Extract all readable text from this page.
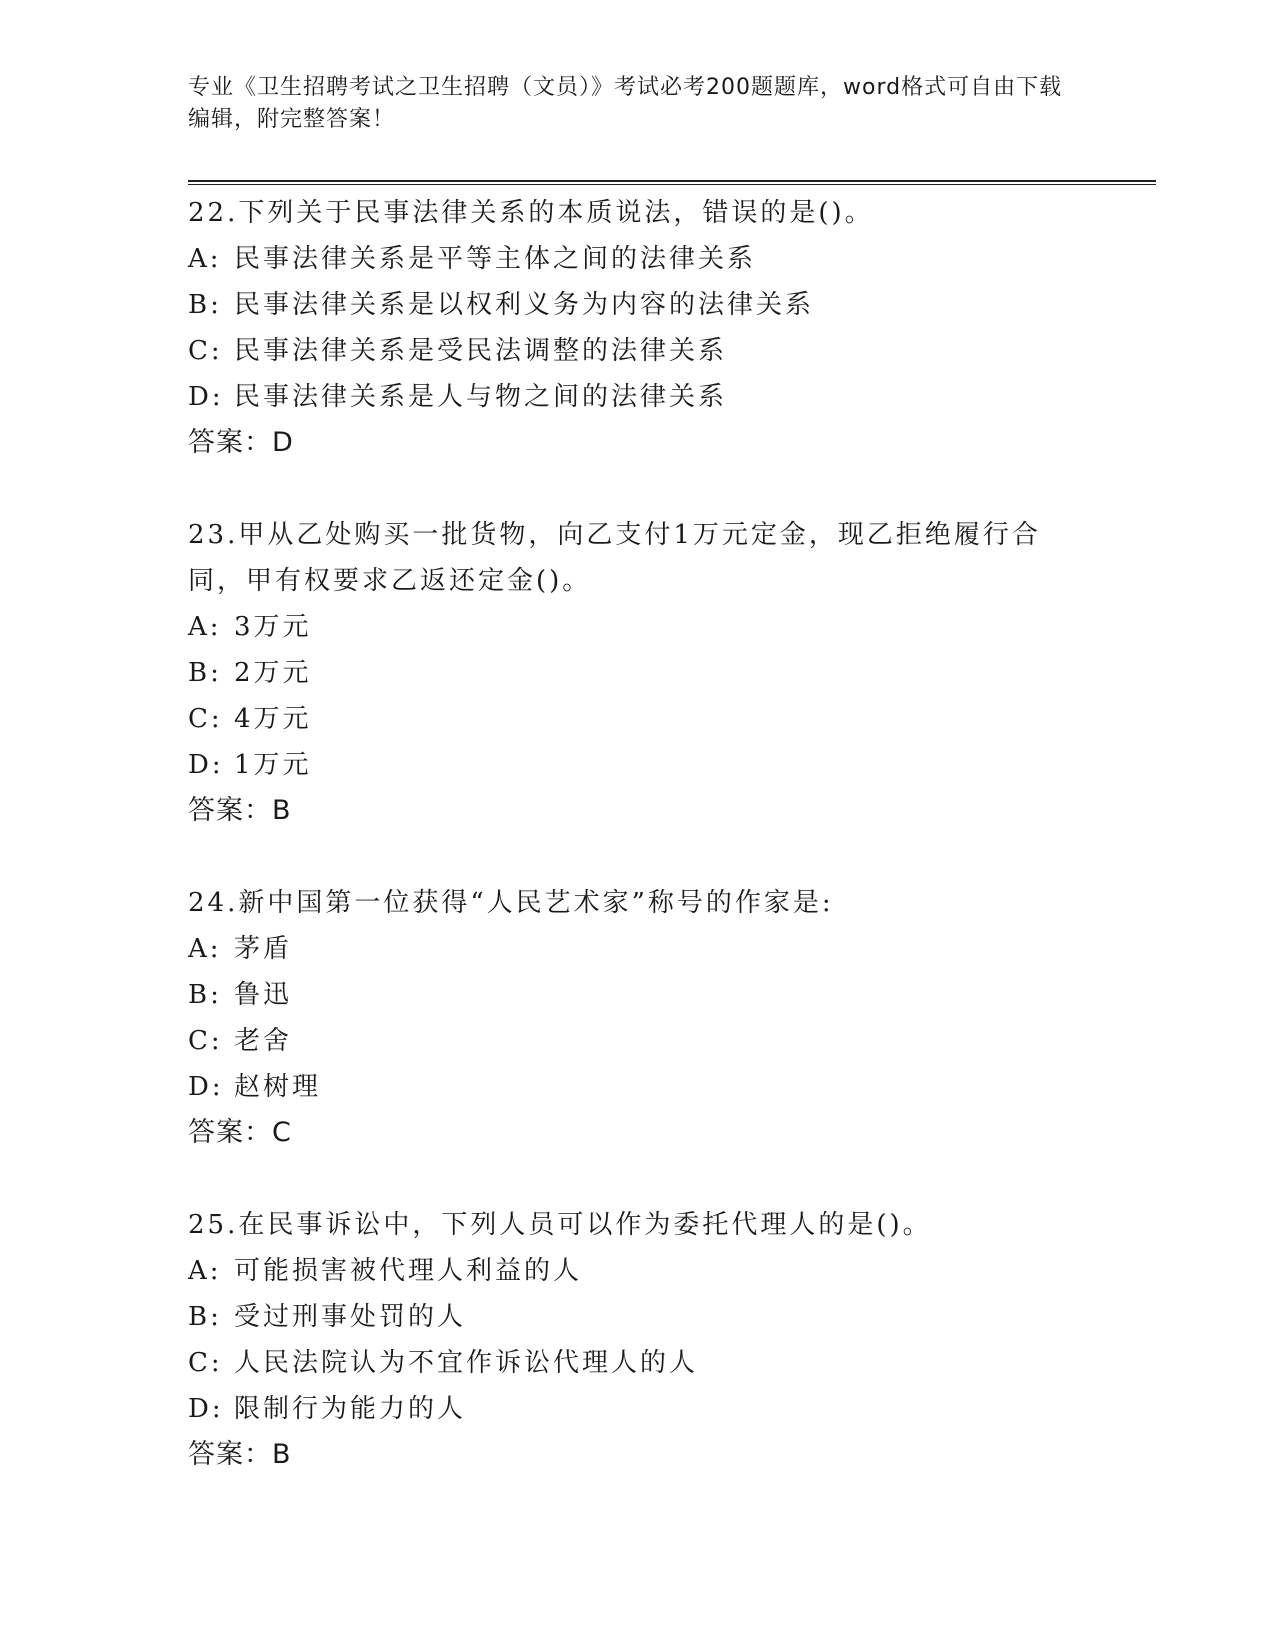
专业《卫生招聘考试之卫生招聘（文员）》考试必考200题题库，word格式可自由下载编辑，附完整答案！
22.下列关于民事法律关系的本质说法，错误的是()。
A: 民事法律关系是平等主体之间的法律关系
B: 民事法律关系是以权利义务为内容的法律关系
C: 民事法律关系是受民法调整的法律关系
D: 民事法律关系是人与物之间的法律关系
答案：D
23.甲从乙处购买一批货物，向乙支付1万元定金，现乙拒绝履行合同，甲有权要求乙返还定金()。
A: 3万元
B: 2万元
C: 4万元
D: 1万元
答案：B
24.新中国第一位获得“人民艺术家”称号的作家是:
A: 茅盾
B: 鲁迅
C: 老舍
D: 赵树理
答案：C
25.在民事诉讼中，下列人员可以作为委托代理人的是()。
A: 可能损害被代理人利益的人
B: 受过刑事处罚的人
C: 人民法院认为不宜作诉讼代理人的人
D: 限制行为能力的人
答案：B
